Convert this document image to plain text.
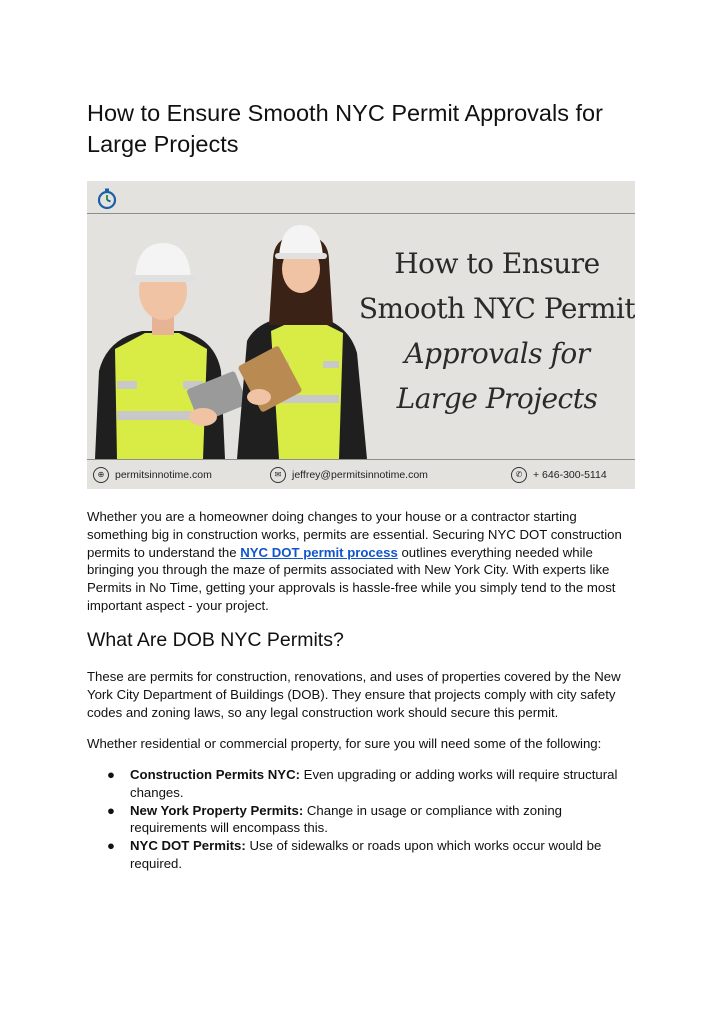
How to Ensure Smooth NYC Permit Approvals for Large Projects
How to Ensure
Smooth NYC Permit
Approvals for
Large Projects
⊕	permitsinnotime.com	✉	jeffrey@permitsinnotime.com	✆	+ 646-300-5114

Whether you are a homeowner doing changes to your house or a contractor starting something big in construction works, permits are essential. Securing NYC DOT construction permits to understand the NYC DOT permit process outlines everything needed while bringing you through the maze of permits associated with New York City. With experts like Permits in No Time, getting your approvals is hassle-free while you simply tend to the most important aspect - your project.

What Are DOB NYC Permits?

These are permits for construction, renovations, and uses of properties covered by the New York City Department of Buildings (DOB). They ensure that projects comply with city safety codes and zoning laws, so any legal construction work should secure this permit.

Whether residential or commercial property, for sure you will need some of the following:

● Construction Permits NYC: Even upgrading or adding works will require structural changes.
● New York Property Permits: Change in usage or compliance with zoning requirements will encompass this.
● NYC DOT Permits: Use of sidewalks or roads upon which works occur would be required.
